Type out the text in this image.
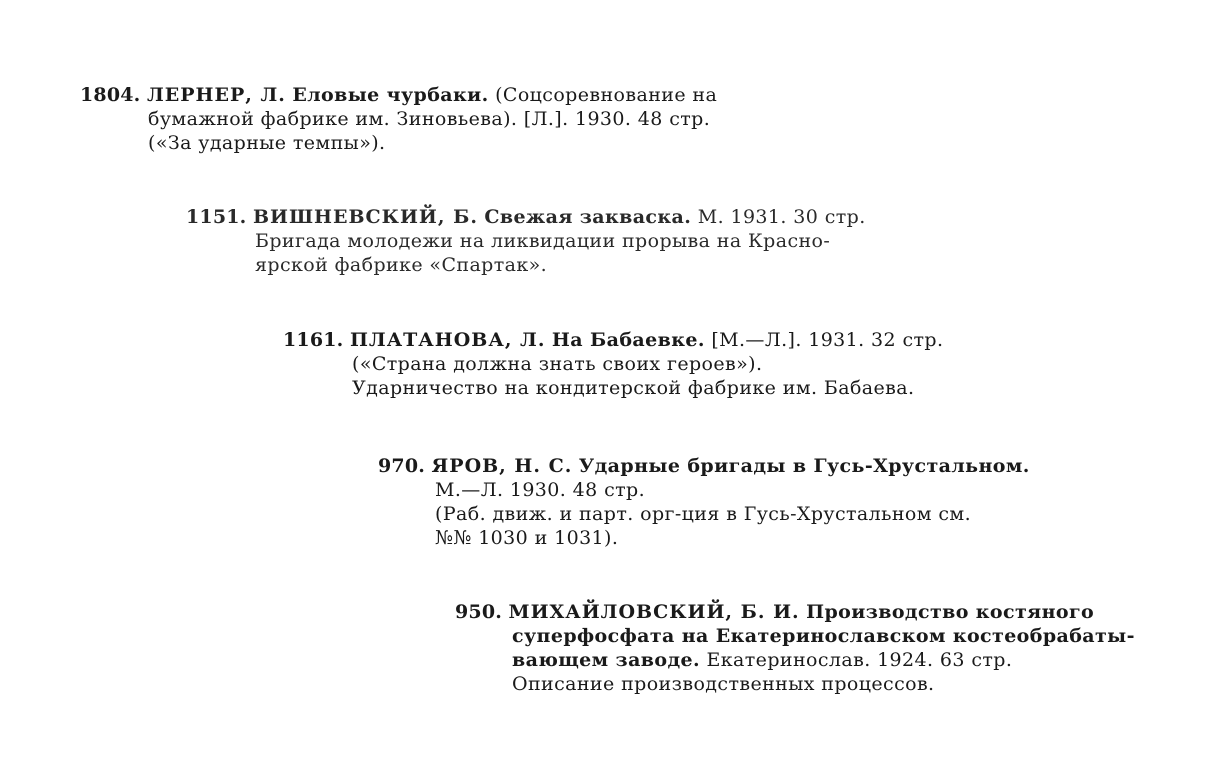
1804. ЛЕРНЕР, Л. Еловые чурбаки. (Соцсоревнование на
бумажной фабрике им. Зиновьева). [Л.]. 1930. 48 стр.
(«За ударные темпы»).
1151. ВИШНЕВСКИЙ, Б. Свежая закваска. М. 1931. 30 стр.
Бригада молодежи на ликвидации прорыва на Красно-
ярской фабрике «Спартак».
1161. ПЛАТАНОВА, Л. На Бабаевке. [М.—Л.]. 1931. 32 стр.
(«Страна должна знать своих героев»).
Ударничество на кондитерской фабрике им. Бабаева.
970. ЯРОВ, Н. С. Ударные бригады в Гусь-Хрустальном.
М.—Л. 1930. 48 стр.
(Раб. движ. и парт. орг-ция в Гусь-Хрустальном см.
№№ 1030 и 1031).
950. МИХАЙЛОВСКИЙ, Б. И. Производство костяного
суперфосфата на Екатеринославском костеобрабаты-
вающем заводе. Екатеринослав. 1924. 63 стр.
Описание производственных процессов.
